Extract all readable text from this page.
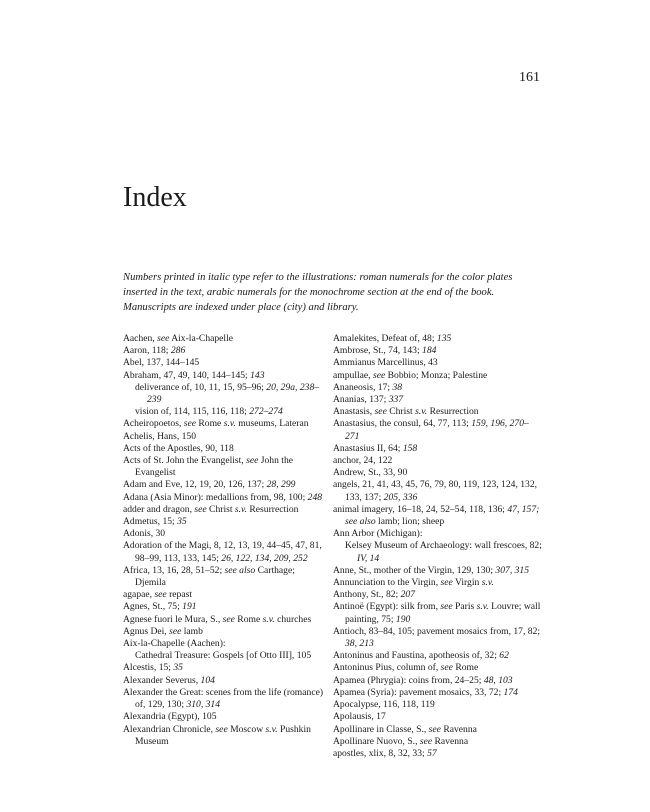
161
Index

Numbers printed in italic type refer to the illustrations: roman numerals for the color plates inserted in the text, arabic numerals for the monochrome section at the end of the book. Manuscripts are indexed under place (city) and library.

Aachen, see Aix-la-Chapelle

Aaron, 118; 286

Abel, 137, 144–145

Abraham, 47, 49, 140, 144–145; 143

deliverance of, 10, 11, 15, 95–96; 20, 29a, 238–239

vision of, 114, 115, 116, 118; 272–274

Acheiropoetos, see Rome s.v. museums, Lateran

Achelis, Hans, 150

Acts of the Apostles, 90, 118

Acts of St. John the Evangelist, see John the Evangelist

Adam and Eve, 12, 19, 20, 126, 137; 28, 299

Adana (Asia Minor): medallions from, 98, 100; 248

adder and dragon, see Christ s.v. Resurrection

Admetus, 15; 35

Adonis, 30

Adoration of the Magi, 8, 12, 13, 19, 44–45, 47, 81, 98–99, 113, 133, 145; 26, 122, 134, 209, 252

Africa, 13, 16, 28, 51–52; see also Carthage; Djemila

agapae, see repast

Agnes, St., 75; 191

Agnese fuori le Mura, S., see Rome s.v. churches

Agnus Dei, see lamb

Aix-la-Chapelle (Aachen):

Cathedral Treasure: Gospels [of Otto III], 105

Alcestis, 15; 35

Alexander Severus, 104

Alexander the Great: scenes from the life (romance) of, 129, 130; 310, 314

Alexandria (Egypt), 105

Alexandrian Chronicle, see Moscow s.v. Pushkin Museum

Amalekites, Defeat of, 48; 135

Ambrose, St., 74, 143; 184

Ammianus Marcellinus, 43

ampullae, see Bobbio; Monza; Palestine

Ananeosis, 17; 38

Ananias, 137; 337

Anastasis, see Christ s.v. Resurrection

Anastasius, the consul, 64, 77, 113; 159, 196, 270–271

Anastasius II, 64; 158

anchor, 24, 122

Andrew, St., 33, 90

angels, 21, 41, 43, 45, 76, 79, 80, 119, 123, 124, 132, 133, 137; 205, 336

animal imagery, 16–18, 24, 52–54, 118, 136; 47, 157; see also lamb; lion; sheep

Ann Arbor (Michigan):

Kelsey Museum of Archaeology: wall frescoes, 82; IV, 14

Anne, St., mother of the Virgin, 129, 130; 307, 315

Annunciation to the Virgin, see Virgin s.v.

Anthony, St., 82; 207

Antinoë (Egypt): silk from, see Paris s.v. Louvre; wall painting, 75; 190

Antioch, 83–84, 105; pavement mosaics from, 17, 82; 38, 213

Antoninus and Faustina, apotheosis of, 32; 62

Antoninus Pius, column of, see Rome

Apamea (Phrygia): coins from, 24–25; 48, 103

Apamea (Syria): pavement mosaics, 33, 72; 174

Apocalypse, 116, 118, 119

Apolausis, 17

Apollinare in Classe, S., see Ravenna

Apollinare Nuovo, S., see Ravenna

apostles, xlix, 8, 32, 33; 57
